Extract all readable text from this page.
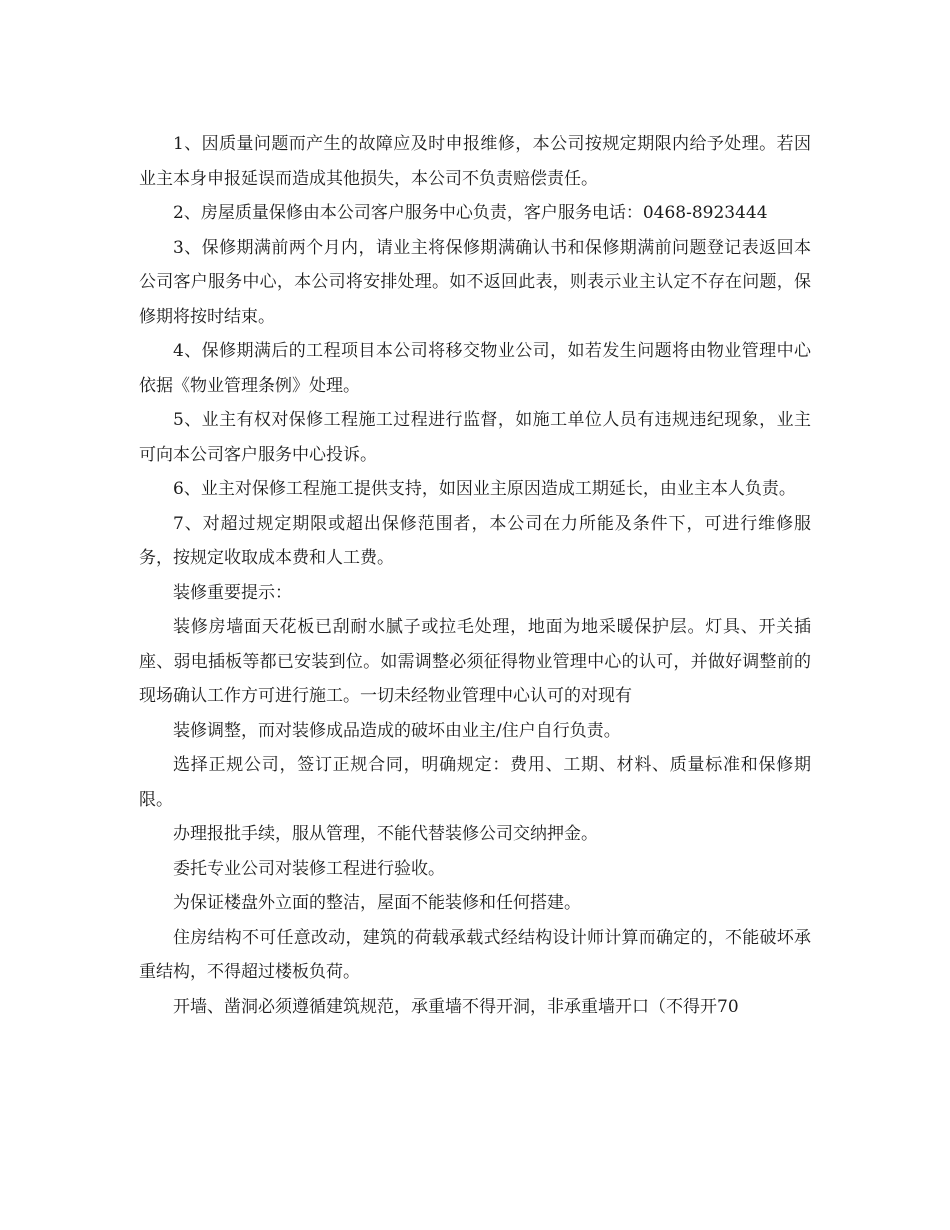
1、因质量问题而产生的故障应及时申报维修，本公司按规定期限内给予处理。若因业主本身申报延误而造成其他损失，本公司不负责赔偿责任。

2、房屋质量保修由本公司客户服务中心负责，客户服务电话：0468-8923444

3、保修期满前两个月内，请业主将保修期满确认书和保修期满前问题登记表返回本公司客户服务中心，本公司将安排处理。如不返回此表，则表示业主认定不存在问题，保修期将按时结束。

4、保修期满后的工程项目本公司将移交物业公司，如若发生问题将由物业管理中心依据《物业管理条例》处理。

5、业主有权对保修工程施工过程进行监督，如施工单位人员有违规违纪现象，业主可向本公司客户服务中心投诉。

6、业主对保修工程施工提供支持，如因业主原因造成工期延长，由业主本人负责。

7、对超过规定期限或超出保修范围者，本公司在力所能及条件下，可进行维修服务，按规定收取成本费和人工费。

装修重要提示：

装修房墙面天花板已刮耐水腻子或拉毛处理，地面为地采暖保护层。灯具、开关插座、弱电插板等都已安装到位。如需调整必须征得物业管理中心的认可，并做好调整前的现场确认工作方可进行施工。一切未经物业管理中心认可的对现有

装修调整，而对装修成品造成的破坏由业主/住户自行负责。

选择正规公司，签订正规合同，明确规定：费用、工期、材料、质量标准和保修期限。

办理报批手续，服从管理，不能代替装修公司交纳押金。

委托专业公司对装修工程进行验收。

为保证楼盘外立面的整洁，屋面不能装修和任何搭建。

住房结构不可任意改动，建筑的荷载承载式经结构设计师计算而确定的，不能破坏承重结构，不得超过楼板负荷。

开墙、凿洞必须遵循建筑规范，承重墙不得开洞，非承重墙开口（不得开70
